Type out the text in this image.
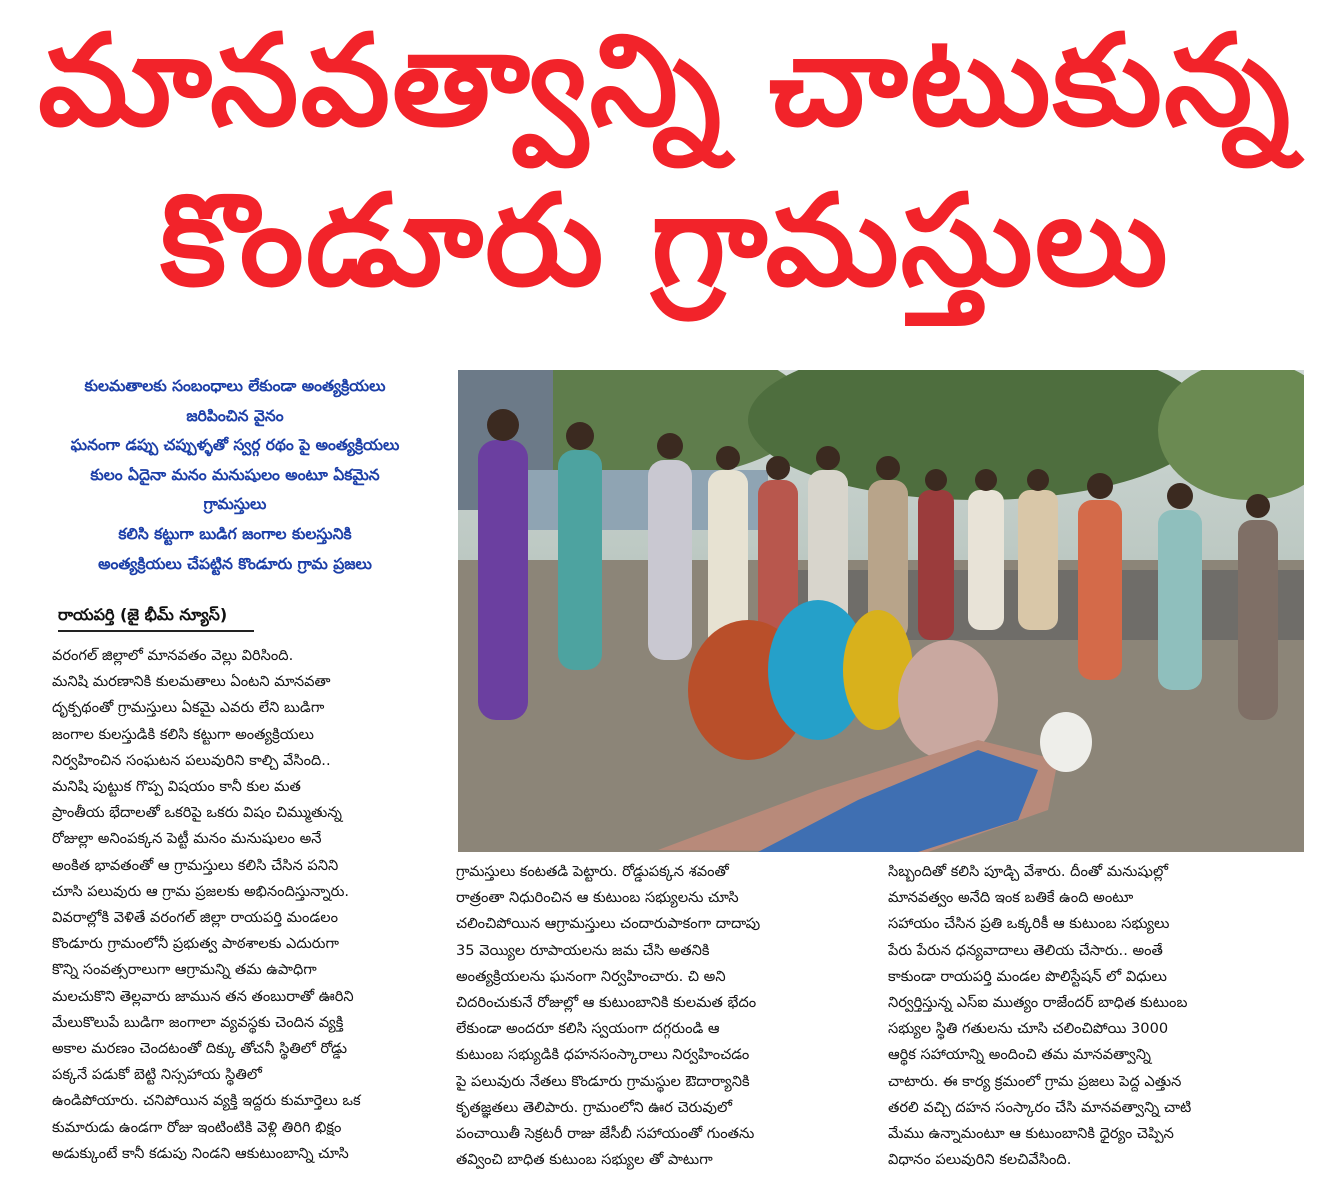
మానవత్వాన్ని చాటుకున్న
కొండూరు గ్రామస్తులు
కులమతాలకు సంబంధాలు లేకుండా అంత్యక్రియలు
జరిపించిన వైనం
ఘనంగా డప్పు చప్పుళ్ళతో స్వర్గ రథం పై అంత్యక్రియలు
కులం ఏదైనా మనం మనుషులం అంటూ ఏకమైన
గ్రామస్తులు
కలిసి కట్టుగా బుడిగ జంగాల కులస్తునికి
అంత్యక్రియలు చేపట్టిన కొండూరు గ్రామ ప్రజలు
రాయపర్తి (జై భీమ్ న్యూస్)

వరంగల్ జిల్లాలో మానవతం వెల్లు విరిసింది.

మనిషి మరణానికి కులమతాలు ఏంటని మానవతా

దృక్పథంతో గ్రామస్తులు ఏకమై ఎవరు లేని బుడిగా

జంగాల కులస్తుడికి కలిసి కట్టుగా అంత్యక్రియలు

నిర్వహించిన సంఘటన పలువురిని కాల్చి వేసింది..

మనిషి పుట్టుక గొప్ప విషయం కానీ కుల మత

ప్రాంతీయ భేదాలతో ఒకరిపై ఒకరు విషం చిమ్ముతున్న

రోజుల్లా అనింపక్కన పెట్టీ మనం మనుషులం అనే

అంకిత భావతంతో ఆ గ్రామస్తులు కలిసి చేసిన పనిని

చూసి పలువురు ఆ గ్రామ ప్రజలకు అభినందిస్తున్నారు.

వివరాల్లోకి వెళితే వరంగల్ జిల్లా రాయపర్తి మండలం

కొండూరు గ్రామంలోనీ ప్రభుత్వ పాఠశాలకు ఎదురుగా

కొన్ని సంవత్సరాలుగా ఆగ్రామన్ని తమ ఉపాధిగా

మలచుకొని తెల్లవారు జామున తన తంబురాతో ఊరిని

మేలుకొలుపే బుడిగా జంగాలా వ్యవస్థకు చెందిన వ్యక్తి

అకాల మరణం చెందటంతో దిక్కు తోచనీ స్థితిలో రోడ్డు

పక్కనే పడుకో బెట్టి నిస్సహాయ స్థితిలో

ఉండిపోయారు. చనిపోయిన వ్యక్తి ఇద్దరు కుమార్తెలు ఒక

కుమారుడు ఉండగా రోజు ఇంటింటికి వెళ్లి తిరిగి భిక్షం

అడుక్కుంటే కానీ కడుపు నిండని ఆకుటుంబాన్ని చూసి

గ్రామస్తులు కంటతడి పెట్టారు. రోడ్డుపక్కన శవంతో

రాత్రంతా నిధురించిన ఆ కుటుంబ సభ్యులను చూసి

చలించిపోయిన ఆగ్రామస్తులు చందారుపాకంగా దాదాపు

35 వెయ్యిల రూపాయలను జమ చేసి అతనికి

అంత్యక్రియలను ఘనంగా నిర్వహించారు. చి అని

చిదరించుకునే రోజుల్లో ఆ కుటుంబానికి కులమత భేదం

లేకుండా అందరూ కలిసి స్వయంగా దగ్గరుండి ఆ

కుటుంబ సభ్యుడికి ధహనసంస్కారాలు నిర్వహించడం

పై పలువురు నేతలు కొండూరు గ్రామస్థుల ఔదార్యానికి

కృతజ్ఞతలు తెలిపారు. గ్రామంలోని ఊర చెరువులో

పంచాయితీ సెక్రటరీ రాజు జేసీబీ సహాయంతో గుంతను

తవ్వించి బాధిత కుటుంబ సభ్యుల తో పాటుగా

సిబ్బందితో కలిసి పూడ్చి వేశారు. దీంతో మనుషుల్లో

మానవత్వం అనేది ఇంక బతికే ఉంది అంటూ

సహాయం చేసిన ప్రతి ఒక్కరికీ ఆ కుటుంబ సభ్యులు

పేరు పేరున ధన్యవాదాలు తెలియ చేసారు.. అంతే

కాకుండా రాయపర్తి మండల పొలిస్టేషన్ లో విధులు

నిర్వర్తిస్తున్న ఎస్ఐ ముత్యం రాజేందర్ బాధిత కుటుంబ

సభ్యుల స్థితి గతులను చూసి చలించిపోయి 3000

ఆర్థిక సహాయాన్ని అందించి తమ మానవత్వాన్ని

చాటారు. ఈ కార్య క్రమంలో గ్రామ ప్రజలు పెద్ద ఎత్తున

తరలి వచ్చి దహన సంస్కారం చేసి మానవత్వాన్ని చాటి

మేము ఉన్నామంటూ ఆ కుటుంబానికి ధైర్యం చెప్పిన

విధానం పలువురిని కలచివేసింది.
